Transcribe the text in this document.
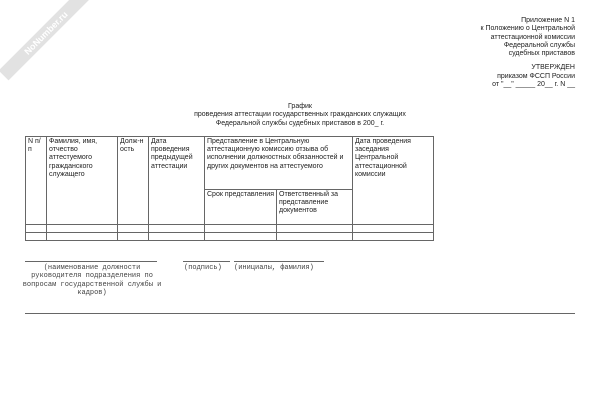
NoNumber.ru	Приложение N 1
к Положению о Центральной
аттестационной комиссии
Федеральной службы
судебных приставов
УТВЕРЖДЕН
приказом ФССП России
от "__" _____ 20__ г. N __
График
проведения аттестации государственных гражданских служащих
Федеральной службы судебных приставов в 200_ г.
N п/п	Фамилия, имя, отчество аттестуемого гражданского служащего	Долж-ность	Дата проведения предыдущей аттестации	Представление в Центральную аттестационную комиссию отзыва об исполнении должностных обязанностей и других документов на аттестуемого		Дата проведения заседания Центральной аттестационной комиссии
				Срок представления	Ответственный за представление документов	

(наименование должности руководителя подразделения по вопросам государственной службы и кадров)
(подпись) (инициалы, фамилия)
